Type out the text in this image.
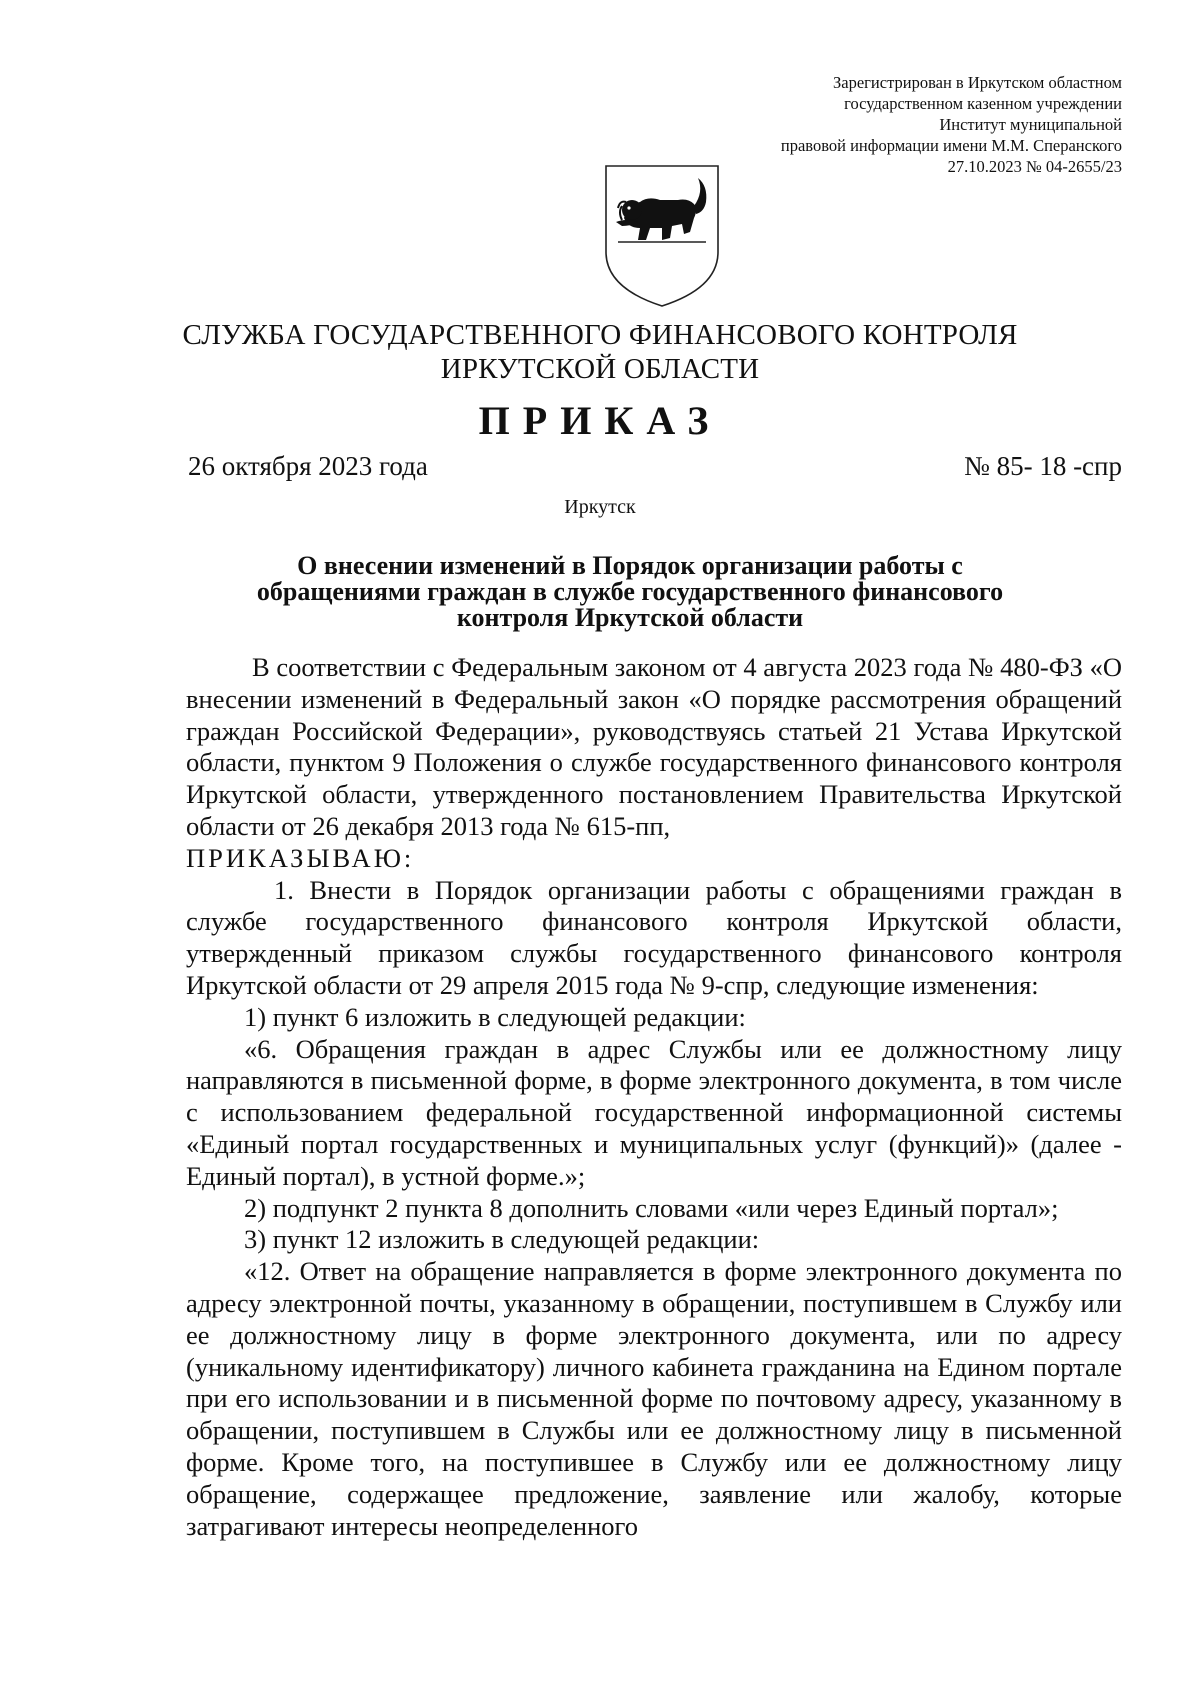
Зарегистрирован в Иркутском областном
государственном казенном учреждении
Институт муниципальной
правовой информации имени М.М. Сперанского
27.10.2023 № 04-2655/23
СЛУЖБА ГОСУДАРСТВЕННОГО ФИНАНСОВОГО КОНТРОЛЯ
ИРКУТСКОЙ ОБЛАСТИ
ПРИКАЗ
26 октября 2023 года	№ 85- 18 -спр
Иркутск
О внесении изменений в Порядок организации работы с
обращениями граждан в службе государственного финансового
контроля Иркутской области

В соответствии с Федеральным законом от 4 августа 2023 года № 480-ФЗ «О внесении изменений в Федеральный закон «О порядке рассмотрения обращений граждан Российской Федерации», руководствуясь статьей 21 Устава Иркутской области, пунктом 9 Положения о службе государственного финансового контроля Иркутской области, утвержденного постановлением Правительства Иркутской области от 26 декабря 2013 года № 615-пп,

ПРИКАЗЫВАЮ:

1. Внести в Порядок организации работы с обращениями граждан в службе государственного финансового контроля Иркутской области, утвержденный приказом службы государственного финансового контроля Иркутской области от 29 апреля 2015 года № 9-спр, следующие изменения:

1) пункт 6 изложить в следующей редакции:

«6. Обращения граждан в адрес Службы или ее должностному лицу направляются в письменной форме, в форме электронного документа, в том числе с использованием федеральной государственной информационной системы «Единый портал государственных и муниципальных услуг (функций)» (далее - Единый портал), в устной форме.»;

2) подпункт 2 пункта 8 дополнить словами «или через Единый портал»;

3) пункт 12 изложить в следующей редакции:

«12. Ответ на обращение направляется в форме электронного документа по адресу электронной почты, указанному в обращении, поступившем в Службу или ее должностному лицу в форме электронного документа, или по адресу (уникальному идентификатору) личного кабинета гражданина на Едином портале при его использовании и в письменной форме по почтовому адресу, указанному в обращении, поступившем в Службы или ее должностному лицу в письменной форме. Кроме того, на поступившее в Службу или ее должностному лицу обращение, содержащее предложение, заявление или жалобу, которые затрагивают интересы неопределенного
